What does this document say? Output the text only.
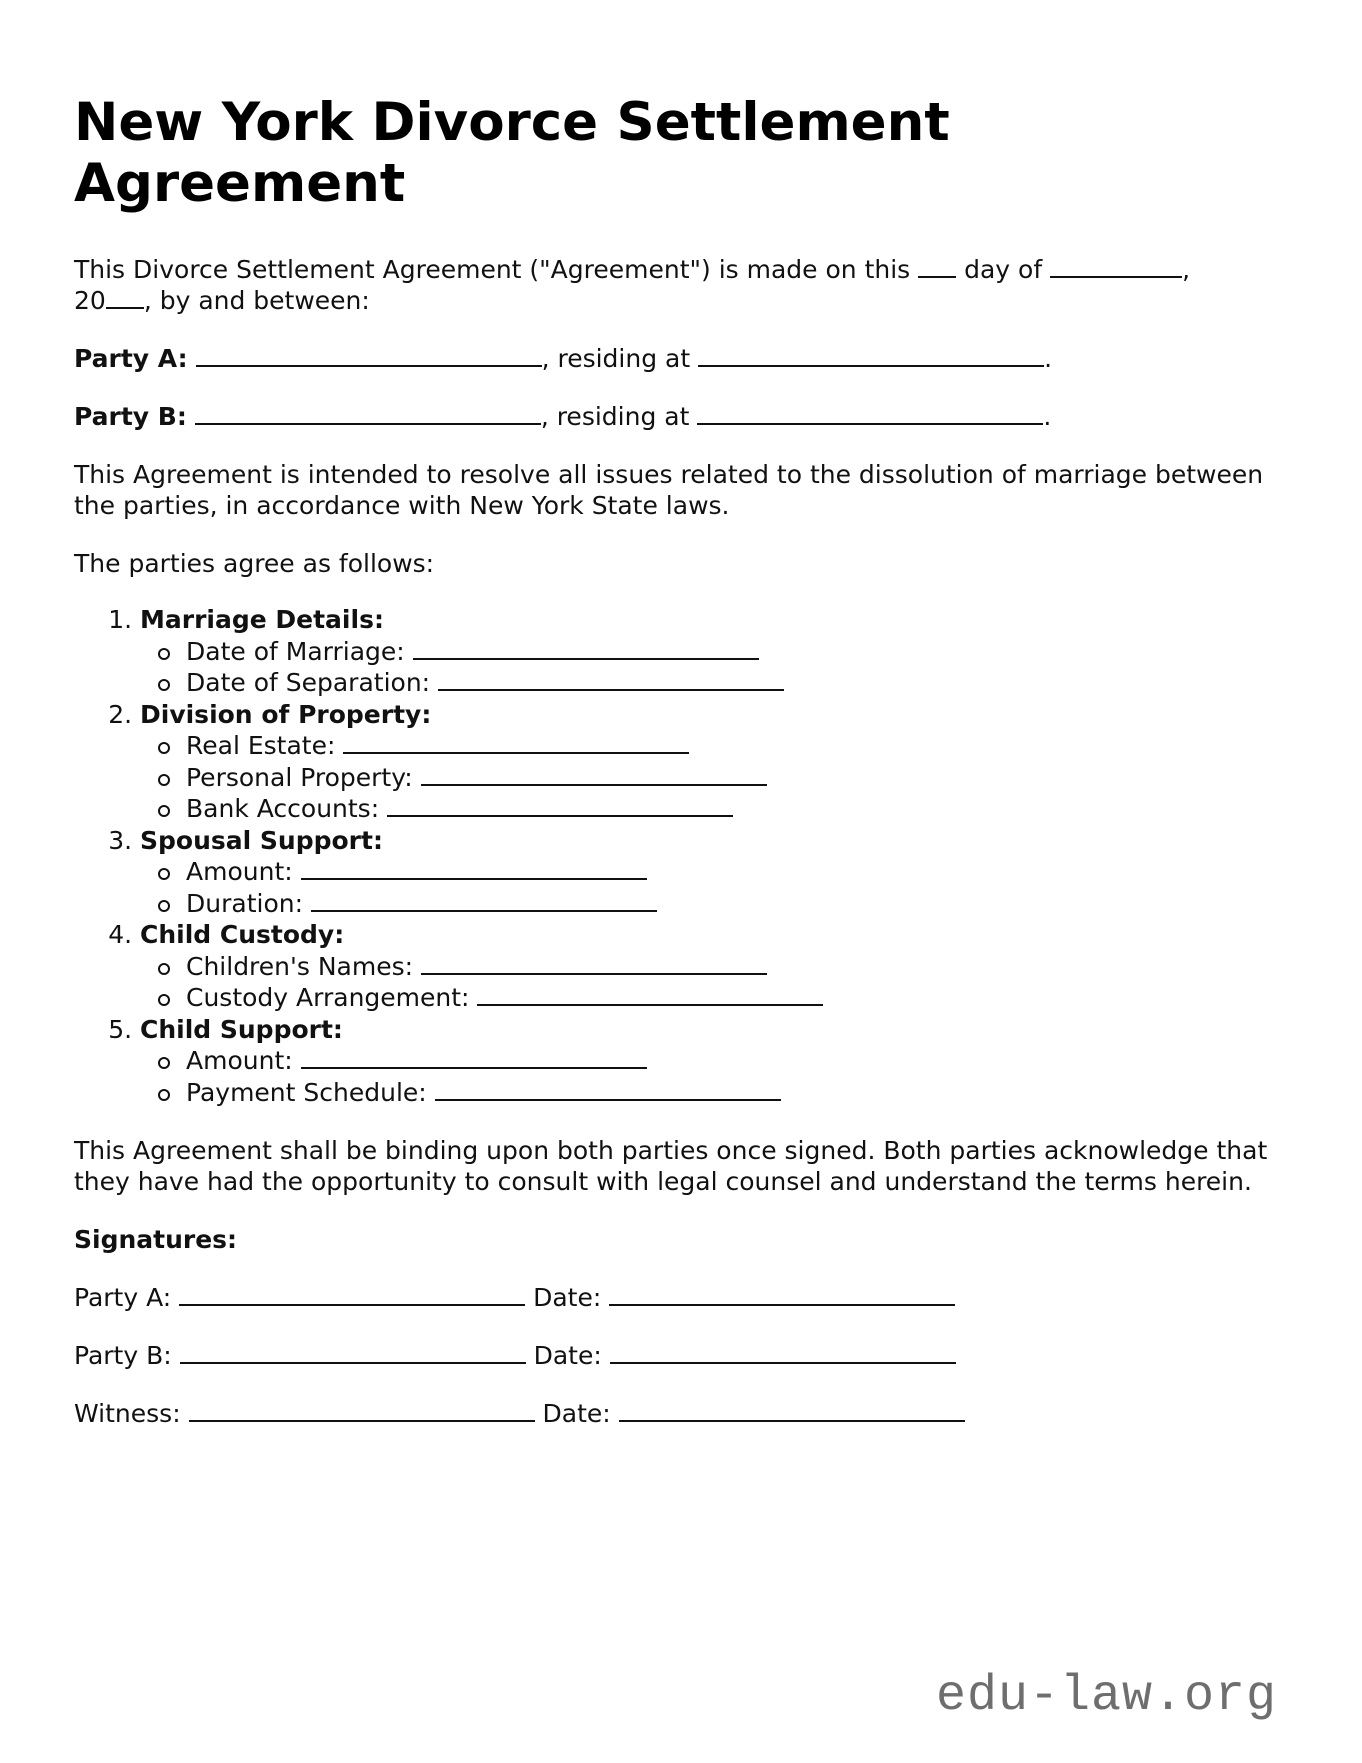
New York Divorce Settlement Agreement

This Divorce Settlement Agreement ("Agreement") is made on this  day of	,
20 , by and between:

Party A:	, residing at	.

Party B:	, residing at	.

This Agreement is intended to resolve all issues related to the dissolution of marriage between the parties, in accordance with New York State laws.

The parties agree as follows:

1. Marriage Details:
Date of Marriage:
Date of Separation:
2. Division of Property:
Real Estate:
Personal Property:
Bank Accounts:
3. Spousal Support:
Amount:
Duration:
4. Child Custody:
Children's Names:
Custody Arrangement:
5. Child Support:
Amount:
Payment Schedule:

This Agreement shall be binding upon both parties once signed. Both parties acknowledge that they have had the opportunity to consult with legal counsel and understand the terms herein.

Signatures:

Party A:	Date:
Party B:	Date:
Witness:	Date:
edu-law.org
